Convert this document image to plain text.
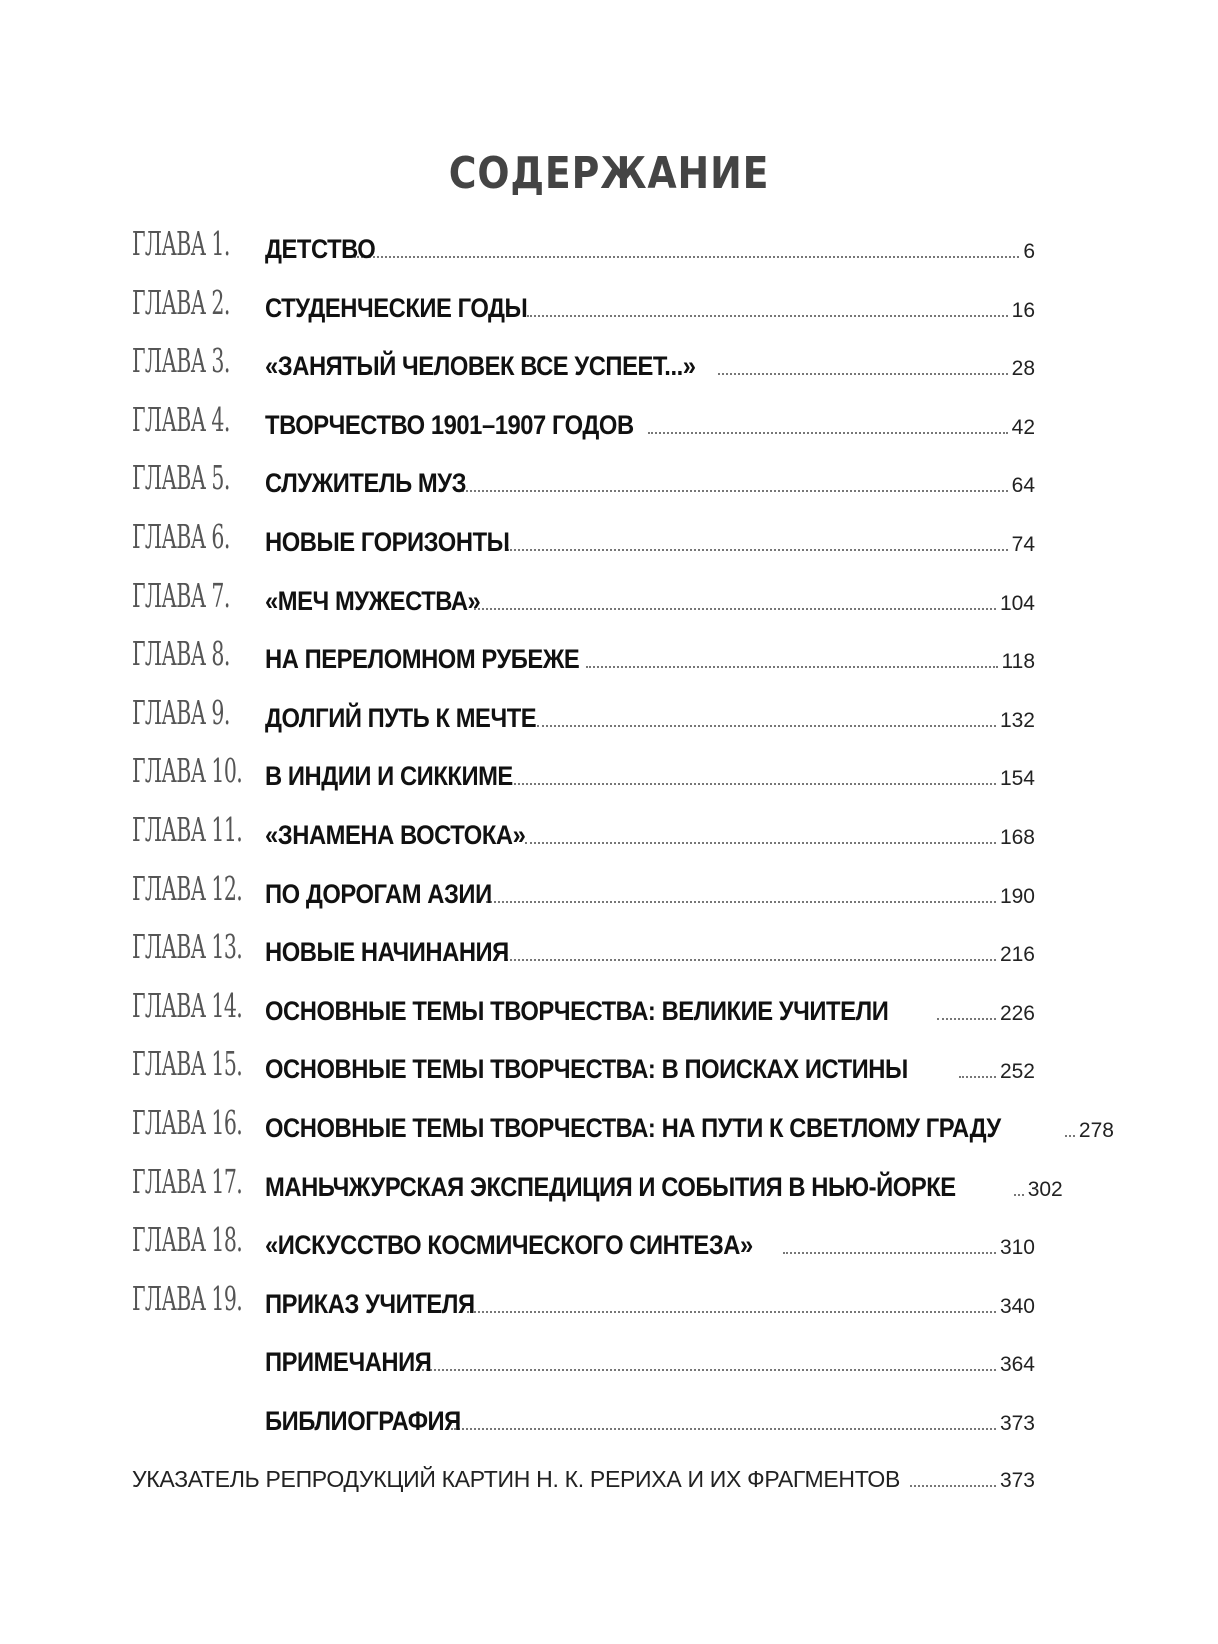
СОДЕРЖАНИЕ
ГЛАВА 1. ДЕТСТВО	6
ГЛАВА 2. СТУДЕНЧЕСКИЕ ГОДЫ	16
ГЛАВА 3. «ЗАНЯТЫЙ ЧЕЛОВЕК ВСЕ УСПЕЕТ...»	28
ГЛАВА 4. ТВОРЧЕСТВО 1901–1907 ГОДОВ	42
ГЛАВА 5. СЛУЖИТЕЛЬ МУЗ	64
ГЛАВА 6. НОВЫЕ ГОРИЗОНТЫ	74
ГЛАВА 7. «МЕЧ МУЖЕСТВА»	104
ГЛАВА 8. НА ПЕРЕЛОМНОМ РУБЕЖЕ	118
ГЛАВА 9. ДОЛГИЙ ПУТЬ К МЕЧТЕ	132
ГЛАВА 10. В ИНДИИ И СИККИМЕ	154
ГЛАВА 11. «ЗНАМЕНА ВОСТОКА»	168
ГЛАВА 12. ПО ДОРОГАМ АЗИИ	190
ГЛАВА 13. НОВЫЕ НАЧИНАНИЯ	216
ГЛАВА 14. ОСНОВНЫЕ ТЕМЫ ТВОРЧЕСТВА: ВЕЛИКИЕ УЧИТЕЛИ	226
ГЛАВА 15. ОСНОВНЫЕ ТЕМЫ ТВОРЧЕСТВА: В ПОИСКАХ ИСТИНЫ	252
ГЛАВА 16. ОСНОВНЫЕ ТЕМЫ ТВОРЧЕСТВА: НА ПУТИ К СВЕТЛОМУ ГРАДУ	278
ГЛАВА 17. МАНЬЧЖУРСКАЯ ЭКСПЕДИЦИЯ И СОБЫТИЯ В НЬЮ-ЙОРКЕ	302
ГЛАВА 18. «ИСКУССТВО КОСМИЧЕСКОГО СИНТЕЗА»	310
ГЛАВА 19. ПРИКАЗ УЧИТЕЛЯ	340
ПРИМЕЧАНИЯ	364
БИБЛИОГРАФИЯ	373
УКАЗАТЕЛЬ РЕПРОДУКЦИЙ КАРТИН Н. К. РЕРИХА И ИХ ФРАГМЕНТОВ	373
